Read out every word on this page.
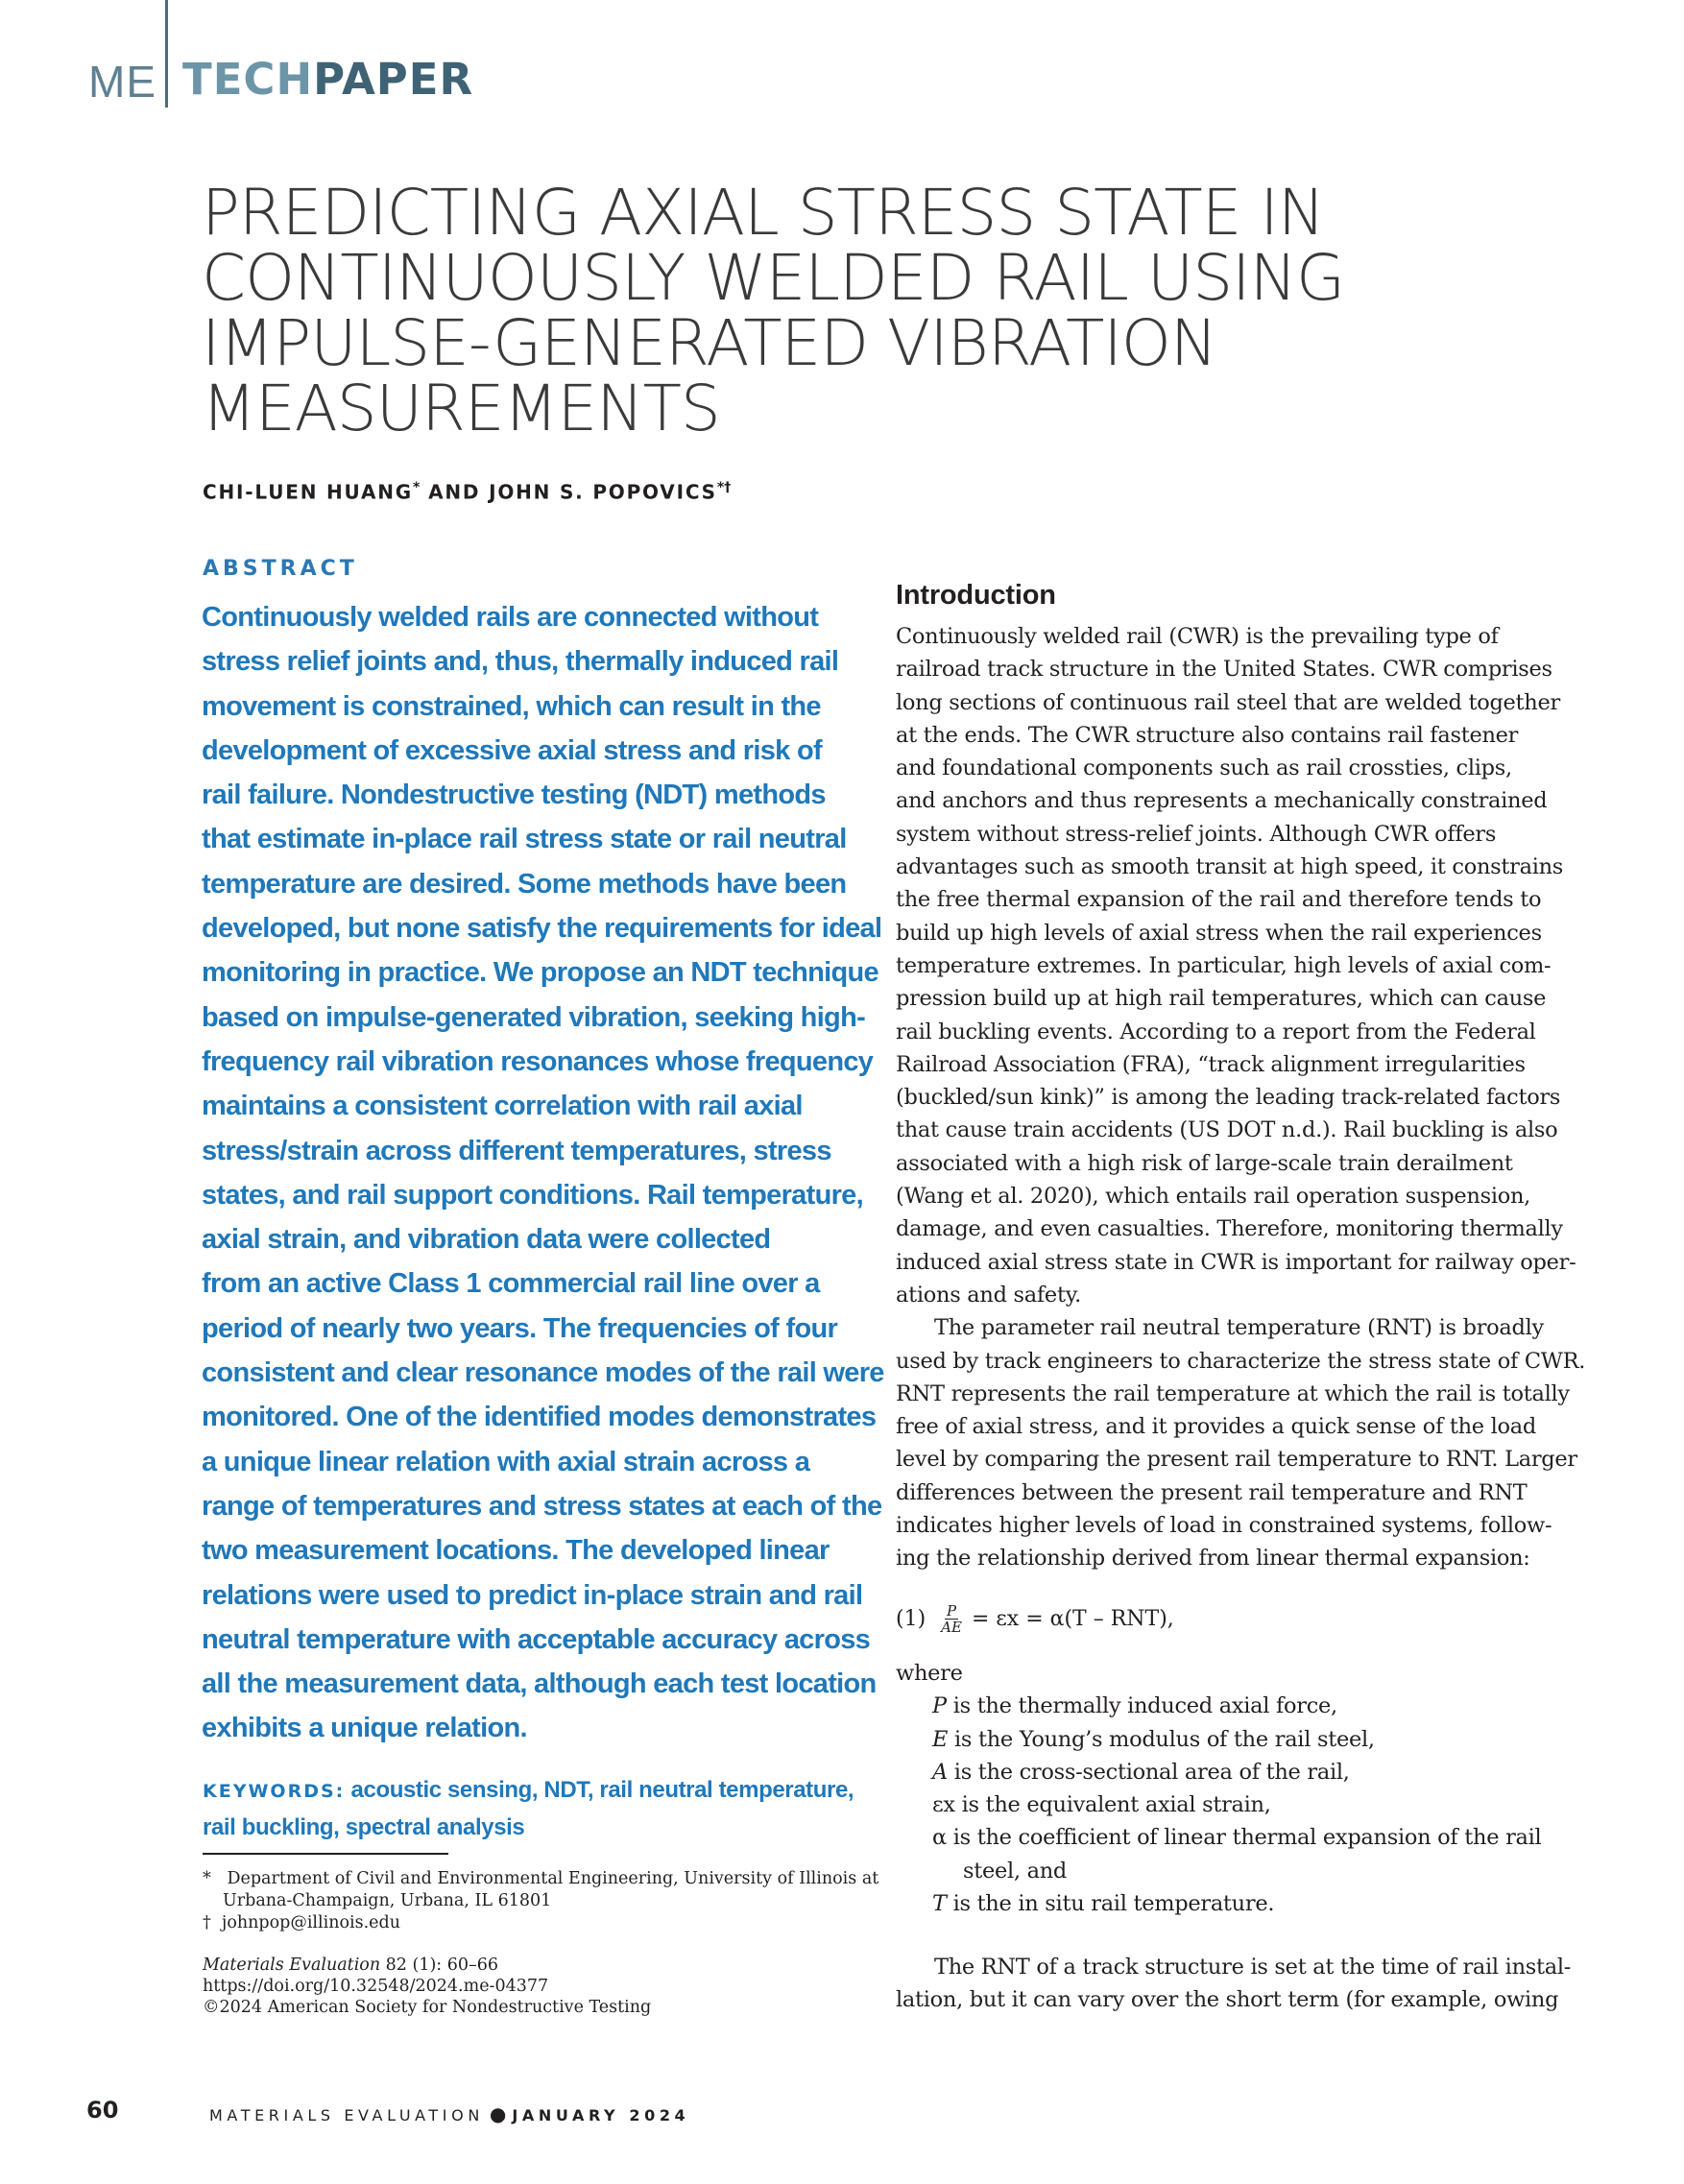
ME TECHPAPER
PREDICTING AXIAL STRESS STATE IN
CONTINUOUSLY WELDED RAIL USING
IMPULSE-GENERATED VIBRATION
MEASUREMENTS
CHI-LUEN HUANG* AND JOHN S. POPOVICS*†
ABSTRACT
Continuously welded rails are connected without
stress relief joints and, thus, thermally induced rail
movement is constrained, which can result in the
development of excessive axial stress and risk of
rail failure. Nondestructive testing (NDT) methods
that estimate in-place rail stress state or rail neutral
temperature are desired. Some methods have been
developed, but none satisfy the requirements for ideal
monitoring in practice. We propose an NDT technique
based on impulse-generated vibration, seeking high-
frequency rail vibration resonances whose frequency
maintains a consistent correlation with rail axial
stress/strain across different temperatures, stress
states, and rail support conditions. Rail temperature,
axial strain, and vibration data were collected
from an active Class 1 commercial rail line over a
period of nearly two years. The frequencies of four
consistent and clear resonance modes of the rail were
monitored. One of the identified modes demonstrates
a unique linear relation with axial strain across a
range of temperatures and stress states at each of the
two measurement locations. The developed linear
relations were used to predict in-place strain and rail
neutral temperature with acceptable accuracy across
all the measurement data, although each test location
exhibits a unique relation.
KEYWORDS: acoustic sensing, NDT, rail neutral temperature,
rail buckling, spectral analysis
* Department of Civil and Environmental Engineering, University of Illinois at
Urbana-Champaign, Urbana, IL 61801
† johnpop@illinois.edu
Materials Evaluation 82 (1): 60–66
https://doi.org/10.32548/2024.me-04377
©2024 American Society for Nondestructive Testing
Introduction
Continuously welded rail (CWR) is the prevailing type of
railroad track structure in the United States. CWR comprises
long sections of continuous rail steel that are welded together
at the ends. The CWR structure also contains rail fastener
and foundational components such as rail crossties, clips,
and anchors and thus represents a mechanically constrained
system without stress-relief joints. Although CWR offers
advantages such as smooth transit at high speed, it constrains
the free thermal expansion of the rail and therefore tends to
build up high levels of axial stress when the rail experiences
temperature extremes. In particular, high levels of axial com-
pression build up at high rail temperatures, which can cause
rail buckling events. According to a report from the Federal
Railroad Association (FRA), “track alignment irregularities
(buckled/sun kink)” is among the leading track-related factors
that cause train accidents (US DOT n.d.). Rail buckling is also
associated with a high risk of large-scale train derailment
(Wang et al. 2020), which entails rail operation suspension,
damage, and even casualties. Therefore, monitoring thermally
induced axial stress state in CWR is important for railway oper-
ations and safety.
The parameter rail neutral temperature (RNT) is broadly
used by track engineers to characterize the stress state of CWR.
RNT represents the rail temperature at which the rail is totally
free of axial stress, and it provides a quick sense of the load
level by comparing the present rail temperature to RNT. Larger
differences between the present rail temperature and RNT
indicates higher levels of load in constrained systems, follow-
ing the relationship derived from linear thermal expansion:
$(1) \frac{P}{AE} = \varepsilon x = \alpha(T - RNT)$,
where
P is the thermally induced axial force,
E is the Young’s modulus of the rail steel,
A is the cross-sectional area of the rail,
εx is the equivalent axial strain,
α is the coefficient of linear thermal expansion of the rail
steel, and
T is the in situ rail temperature.
The RNT of a track structure is set at the time of rail instal-
lation, but it can vary over the short term (for example, owing
60	MATERIALS EVALUATION ● JANUARY 2024
